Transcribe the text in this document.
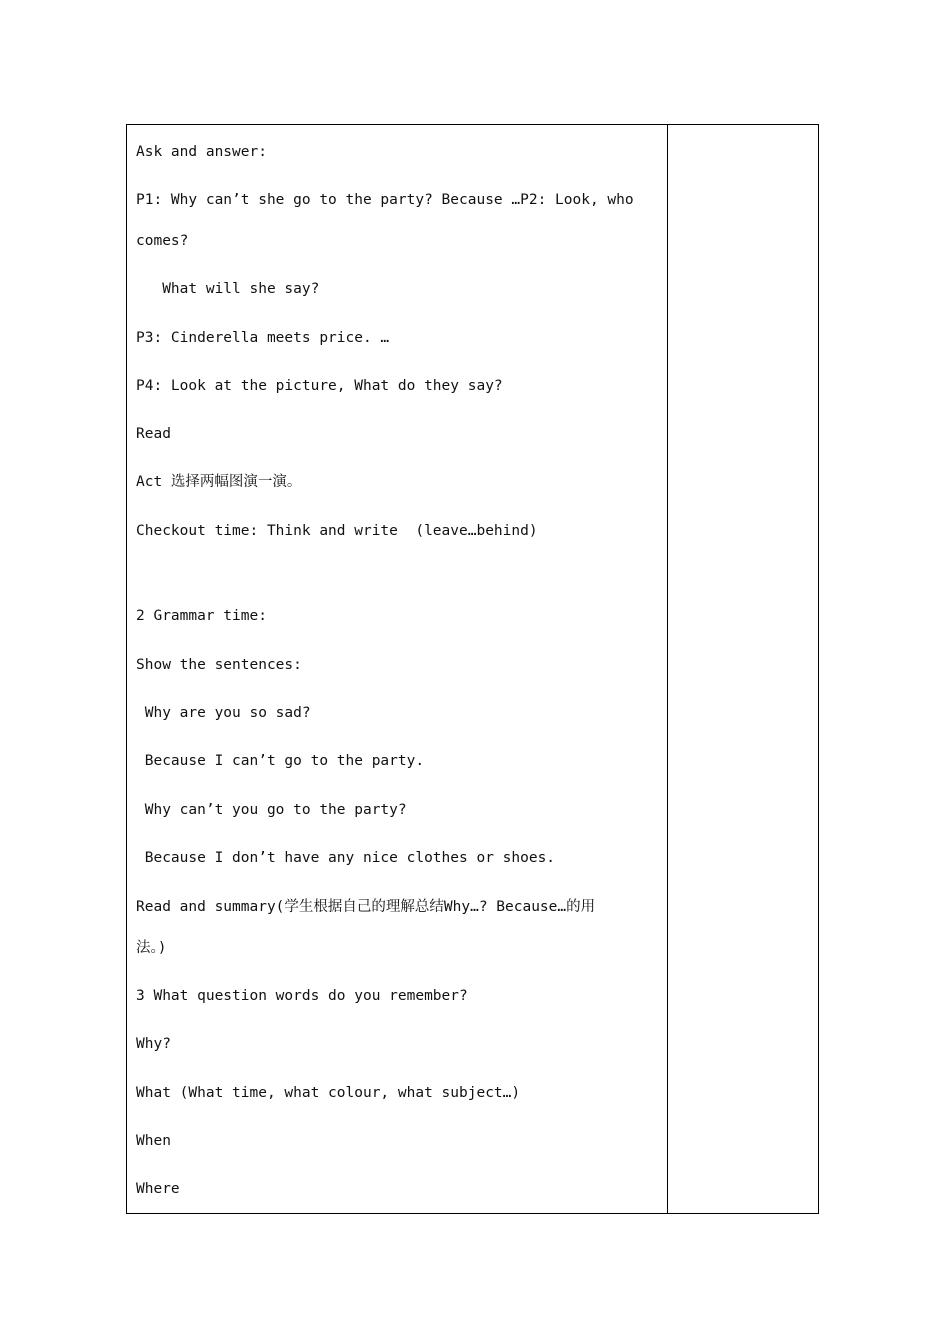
Ask and answer:
P1: Why can’t she go to the party? Because …P2: Look, who
comes?
What will she say?
P3: Cinderella meets price. …
P4: Look at the picture, What do they say?
Read
Act 选择两幅图演一演。
Checkout time: Think and write  (leave…behind)
2 Grammar time:
Show the sentences:
Why are you so sad?
Because I can’t go to the party.
Why can’t you go to the party?
Because I don’t have any nice clothes or shoes.
Read and summary(学生根据自己的理解总结Why…? Because…的用
法。)
3 What question words do you remember?
Why?
What (What time, what colour, what subject…)
When
Where
